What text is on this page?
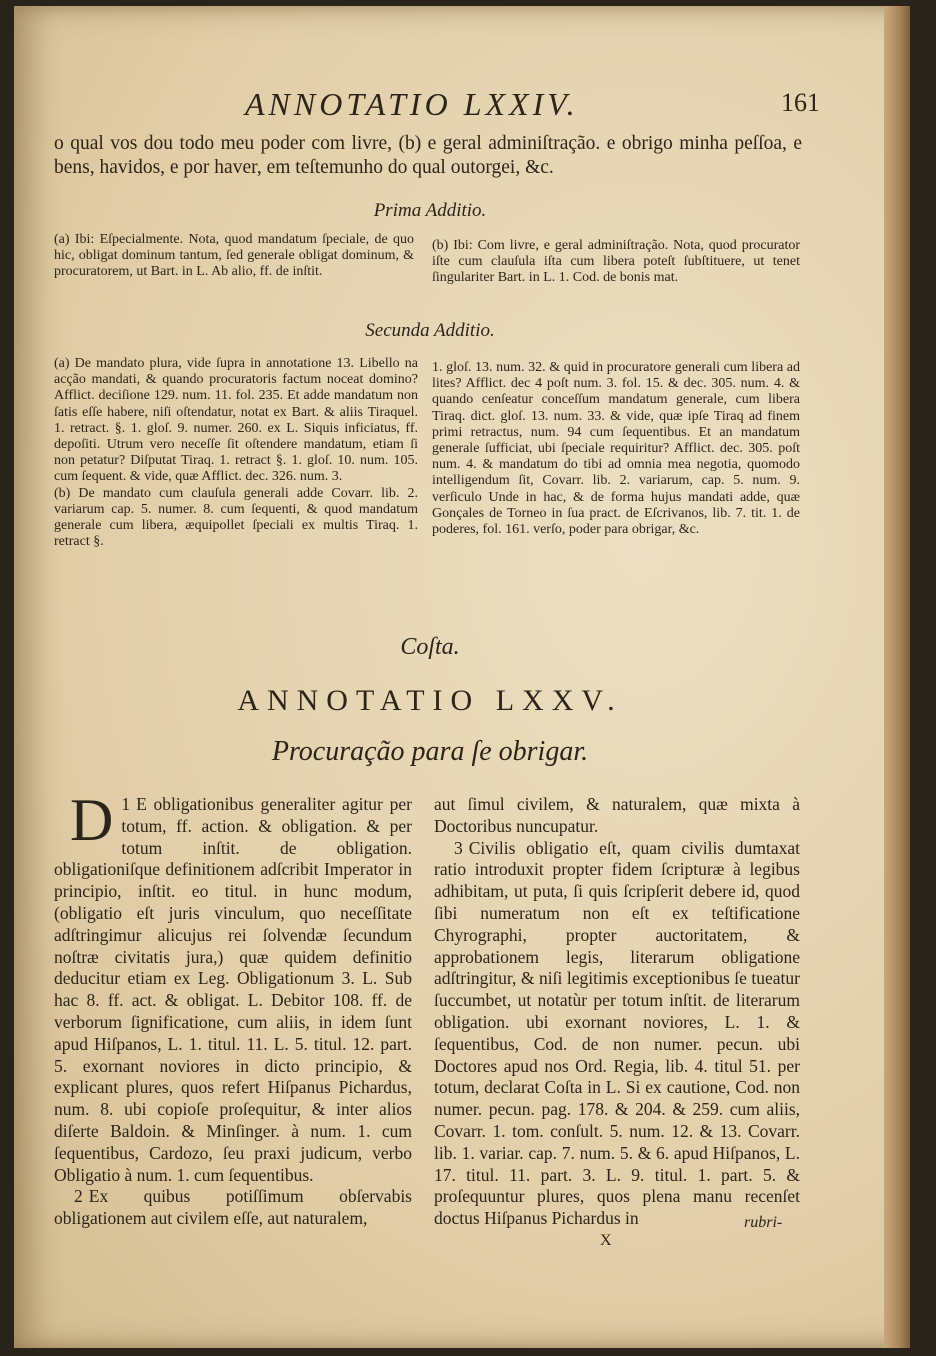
ANNOTATIO LXXIV.	161
o qual vos dou todo meu poder com livre, (b) e geral adminiſtração. e obrigo minha peſſoa, e bens, havidos, e por haver, em teſtemunho do qual outorgei, &c.
Prima Additio.

(a) Ibi: Eſpecialmente. Nota, quod mandatum ſpeciale, de quo hic, obligat dominum tantum, ſed generale obligat dominum, & procuratorem, ut Bart. in L. Ab alio, ff. de inſtit.

(b) Ibi: Com livre, e geral adminiſtração. Nota, quod procurator iſte cum clauſula iſta cum libera poteſt ſubſtituere, ut tenet ſingulariter Bart. in L. 1. Cod. de bonis mat.

Secunda Additio.

(a) De mandato plura, vide ſupra in annotatione 13. Libello na acção mandati, & quando procuratoris factum noceat domino? Afflict. deciſione 129. num. 11. fol. 235. Et adde mandatum non ſatis eſſe habere, niſi oſtendatur, notat ex Bart. & aliis Tiraquel. 1. retract. §. 1. gloſ. 9. numer. 260. ex L. Siquis inficiatus, ff. depoſiti. Utrum vero neceſſe ſit oſtendere mandatum, etiam ſi non petatur? Diſputat Tiraq. 1. retract §. 1. gloſ. 10. num. 105. cum ſequent. & vide, quæ Afflict. dec. 326. num. 3.

(b) De mandato cum clauſula generali adde Covarr. lib. 2. variarum cap. 5. numer. 8. cum ſequenti, & quod mandatum generale cum libera, æquipollet ſpeciali ex multis Tiraq. 1. retract §.

1. gloſ. 13. num. 32. & quid in procuratore generali cum libera ad lites? Afflict. dec 4 poſt num. 3. fol. 15. & dec. 305. num. 4. & quando cenſeatur conceſſum mandatum generale, cum libera Tiraq. dict. gloſ. 13. num. 33. & vide, quæ ipſe Tiraq ad finem primi retractus, num. 94 cum ſequentibus. Et an mandatum generale ſufficiat, ubi ſpeciale requiritur? Afflict. dec. 305. poſt num. 4. & mandatum do tibi ad omnia mea negotia, quomodo intelligendum ſit, Covarr. lib. 2. variarum, cap. 5. num. 9. verſiculo Unde in hac, & de forma hujus mandati adde, quæ Gonçales de Torneo in ſua pract. de Eſcrivanos, lib. 7. tit. 1. de poderes, fol. 161. verſo, poder para obrigar, &c.

Coſta.
ANNOTATIO LXXV.
Procuração para ſe obrigar.

1
D E obligationibus generaliter agitur per totum, ff. action. & obligation. & per totum inſtit. de obligation. obligationiſque definitionem adſcribit Imperator in principio, inſtit. eo titul. in hunc modum, (obligatio eſt juris vinculum, quo neceſſitate adſtringimur alicujus rei ſolvendæ ſecundum noſtræ civitatis jura,) quæ quidem definitio deducitur etiam ex Leg. Obligationum 3. L. Sub hac 8. ff. act. & obligat. L. Debitor 108. ff. de verborum ſignificatione, cum aliis, in idem ſunt apud Hiſpanos, L. 1. titul. 11. L. 5. titul. 12. part. 5. exornant noviores in dicto principio, & explicant plures, quos refert Hiſpanus Pichardus, num. 8. ubi copioſe proſequitur, & inter alios diſerte Baldoin. & Minſinger. à num. 1. cum ſequentibus, Cardozo, ſeu praxi judicum, verbo Obligatio à num. 1. cum ſequentibus.

2 Ex quibus potiſſimum obſervabis obligationem aut civilem eſſe, aut naturalem,

aut ſimul civilem, & naturalem, quæ mixta à Doctoribus nuncupatur.

3 Civilis obligatio eſt, quam civilis dumtaxat ratio introduxit propter fidem ſcripturæ à legibus adhibitam, ut puta, ſi quis ſcripſerit debere id, quod ſibi numeratum non eſt ex teſtificatione Chyrographi, propter auctoritatem, & approbationem legis, literarum obligatione adſtringitur, & niſi legitimis exceptionibus ſe tueatur ſuccumbet, ut notatùr per totum inſtit. de literarum obligation. ubi exornant noviores, L. 1. & ſequentibus, Cod. de non numer. pecun. ubi Doctores apud nos Ord. Regia, lib. 4. titul 51. per totum, declarat Coſta in L. Si ex cautione, Cod. non numer. pecun. pag. 178. & 204. & 259. cum aliis, Covarr. 1. tom. conſult. 5. num. 12. & 13. Covarr. lib. 1. variar. cap. 7. num. 5. & 6. apud Hiſpanos, L. 17. titul. 11. part. 3. L. 9. titul. 1. part. 5. & proſequuntur plures, quos plena manu recenſet doctus Hiſpanus Pichardus in	rubri-
X
